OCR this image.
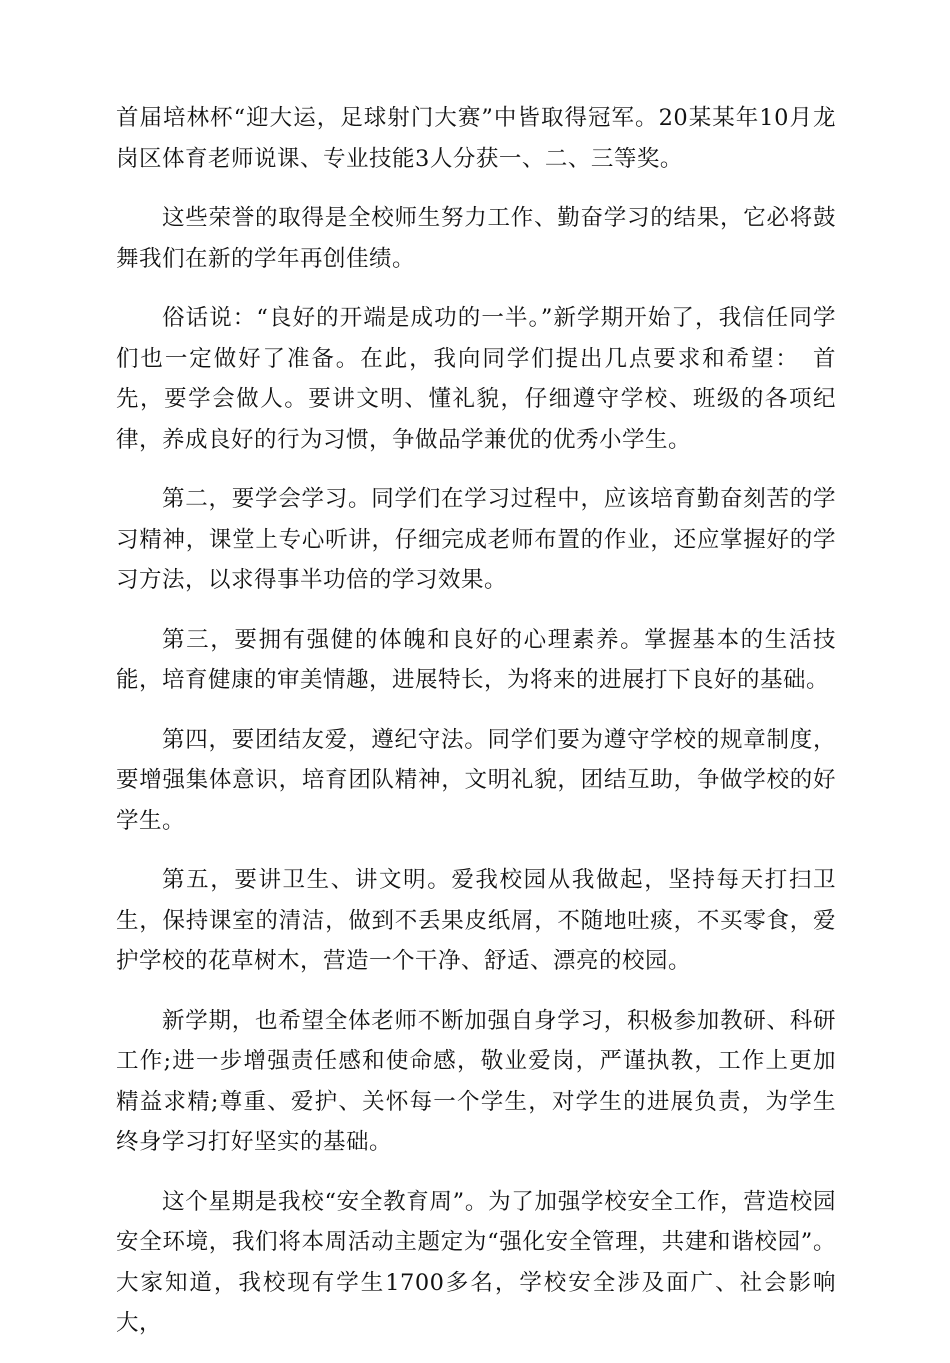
首届培林杯“迎大运，足球射门大赛”中皆取得冠军。20某某年10月龙岗区体育老师说课、专业技能3人分获一、二、三等奖。

这些荣誉的取得是全校师生努力工作、勤奋学习的结果，它必将鼓舞我们在新的学年再创佳绩。

俗话说：“良好的开端是成功的一半。”新学期开始了，我信任同学们也一定做好了准备。在此，我向同学们提出几点要求和希望：　首先，要学会做人。要讲文明、懂礼貌，仔细遵守学校、班级的各项纪律，养成良好的行为习惯，争做品学兼优的优秀小学生。

第二，要学会学习。同学们在学习过程中，应该培育勤奋刻苦的学习精神，课堂上专心听讲，仔细完成老师布置的作业，还应掌握好的学习方法，以求得事半功倍的学习效果。

第三，要拥有强健的体魄和良好的心理素养。掌握基本的生活技能，培育健康的审美情趣，进展特长，为将来的进展打下良好的基础。

第四，要团结友爱，遵纪守法。同学们要为遵守学校的规章制度，要增强集体意识，培育团队精神，文明礼貌，团结互助，争做学校的好学生。

第五，要讲卫生、讲文明。爱我校园从我做起，坚持每天打扫卫生，保持课室的清洁，做到不丢果皮纸屑，不随地吐痰，不买零食，爱护学校的花草树木，营造一个干净、舒适、漂亮的校园。

新学期，也希望全体老师不断加强自身学习，积极参加教研、科研工作;进一步增强责任感和使命感，敬业爱岗，严谨执教，工作上更加精益求精;尊重、爱护、关怀每一个学生，对学生的进展负责，为学生终身学习打好坚实的基础。

这个星期是我校“安全教育周”。为了加强学校安全工作，营造校园安全环境，我们将本周活动主题定为“强化安全管理，共建和谐校园”。大家知道，我校现有学生1700多名，学校安全涉及面广、社会影响大，
